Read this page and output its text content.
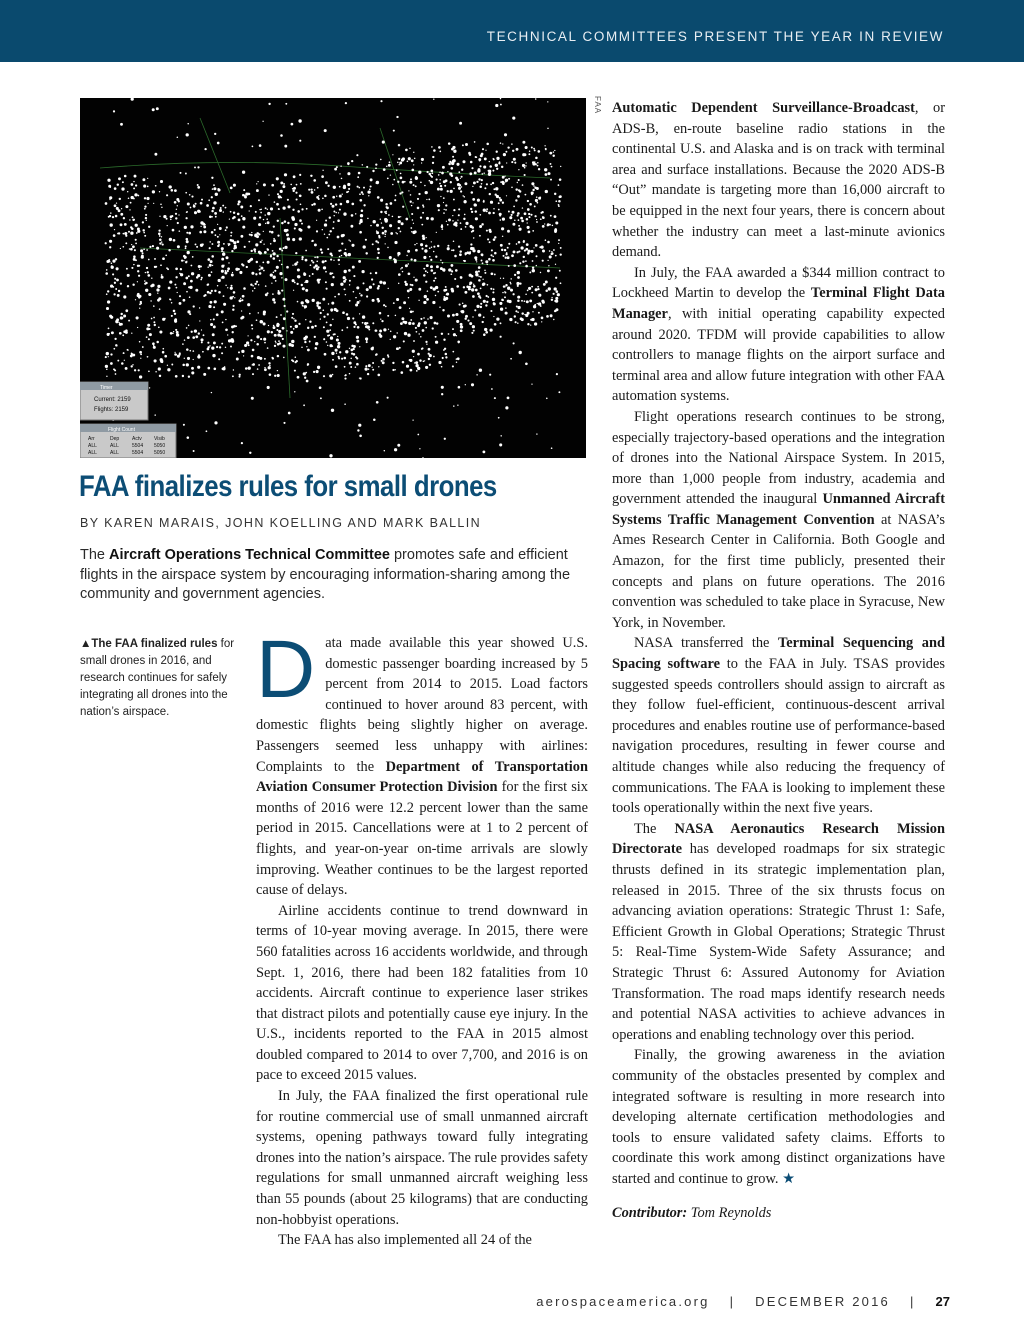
TECHNICAL COMMITTEES PRESENT THE YEAR IN REVIEW
Timer
Current: 2159
Flights: 2159
Flight Count
Arr	Dep	Actv Visib
ALL	ALL	5504 5050
ALL	ALL	5504 5050
FAA
FAA finalizes rules for small drones
BY KAREN MARAIS, JOHN KOELLING AND MARK BALLIN
The Aircraft Operations Technical Committee promotes safe and efficient flights in the airspace system by encouraging information-sharing among the community and government agencies.
▲The FAA finalized rules for small drones in 2016, and research continues for safely integrating all drones into the nation’s airspace.	Data made available this year showed U.S. domestic passenger boarding increased by 5 percent from 2014 to 2015. Load factors continued to hover around 83 percent, with domestic flights being slightly higher on average. Passengers seemed less unhappy with airlines: Complaints to the Department of Transportation Aviation Consumer Protection Division for the first six months of 2016 were 12.2 percent lower than the same period in 2015. Cancellations were at 1 to 2 percent of flights, and year-on-year on-time arrivals are slowly improving. Weather continues to be the largest reported cause of delays.

Airline accidents continue to trend downward in terms of 10-year moving average. In 2015, there were 560 fatalities across 16 accidents worldwide, and through Sept. 1, 2016, there had been 182 fatalities from 10 accidents. Aircraft continue to experience laser strikes that distract pilots and potentially cause eye injury. In the U.S., incidents reported to the FAA in 2015 almost doubled compared to 2014 to over 7,700, and 2016 is on pace to exceed 2015 values.

In July, the FAA finalized the first operational rule for routine commercial use of small unmanned aircraft systems, opening pathways toward fully integrating drones into the nation’s airspace. The rule provides safety regulations for small unmanned aircraft weighing less than 55 pounds (about 25 kilograms) that are conducting non-hobbyist operations.

The FAA has also implemented all 24 of the

Automatic Dependent Surveillance-Broadcast, or ADS-B, en-route baseline radio stations in the continental U.S. and Alaska and is on track with terminal area and surface installations. Because the 2020 ADS-B “Out” mandate is targeting more than 16,000 aircraft to be equipped in the next four years, there is concern about whether the industry can meet a last-minute avionics demand.

In July, the FAA awarded a $344 million contract to Lockheed Martin to develop the Terminal Flight Data Manager, with initial operating capability expected around 2020. TFDM will provide capabilities to allow controllers to manage flights on the airport surface and terminal area and allow future integration with other FAA automation systems.

Flight operations research continues to be strong, especially trajectory-based operations and the integration of drones into the National Airspace System. In 2015, more than 1,000 people from industry, academia and government attended the inaugural Unmanned Aircraft Systems Traffic Management Convention at NASA’s Ames Research Center in California. Both Google and Amazon, for the first time publicly, presented their concepts and plans on future operations. The 2016 convention was scheduled to take place in Syracuse, New York, in November.

NASA transferred the Terminal Sequencing and Spacing software to the FAA in July. TSAS provides suggested speeds controllers should assign to aircraft as they follow fuel-efficient, continuous-descent arrival procedures and enables routine use of performance-based navigation procedures, resulting in fewer course and altitude changes while also reducing the frequency of communications. The FAA is looking to implement these tools operationally within the next five years.

The NASA Aeronautics Research Mission Directorate has developed roadmaps for six strategic thrusts defined in its strategic implementation plan, released in 2015. Three of the six thrusts focus on advancing aviation operations: Strategic Thrust 1: Safe, Efficient Growth in Global Operations; Strategic Thrust 5: Real-Time System-Wide Safety Assurance; and Strategic Thrust 6: Assured Autonomy for Aviation Transformation. The road maps identify research needs and potential NASA activities to achieve advances in operations and enabling technology over this period.

Finally, the growing awareness in the aviation community of the obstacles presented by complex and integrated software is resulting in more research into developing alternate certification methodologies and tools to ensure validated safety claims. Efforts to coordinate this work among distinct organizations have started and continue to grow. ★

Contributor: Tom Reynolds

aerospaceamerica.org | DECEMBER 2016 | 27
